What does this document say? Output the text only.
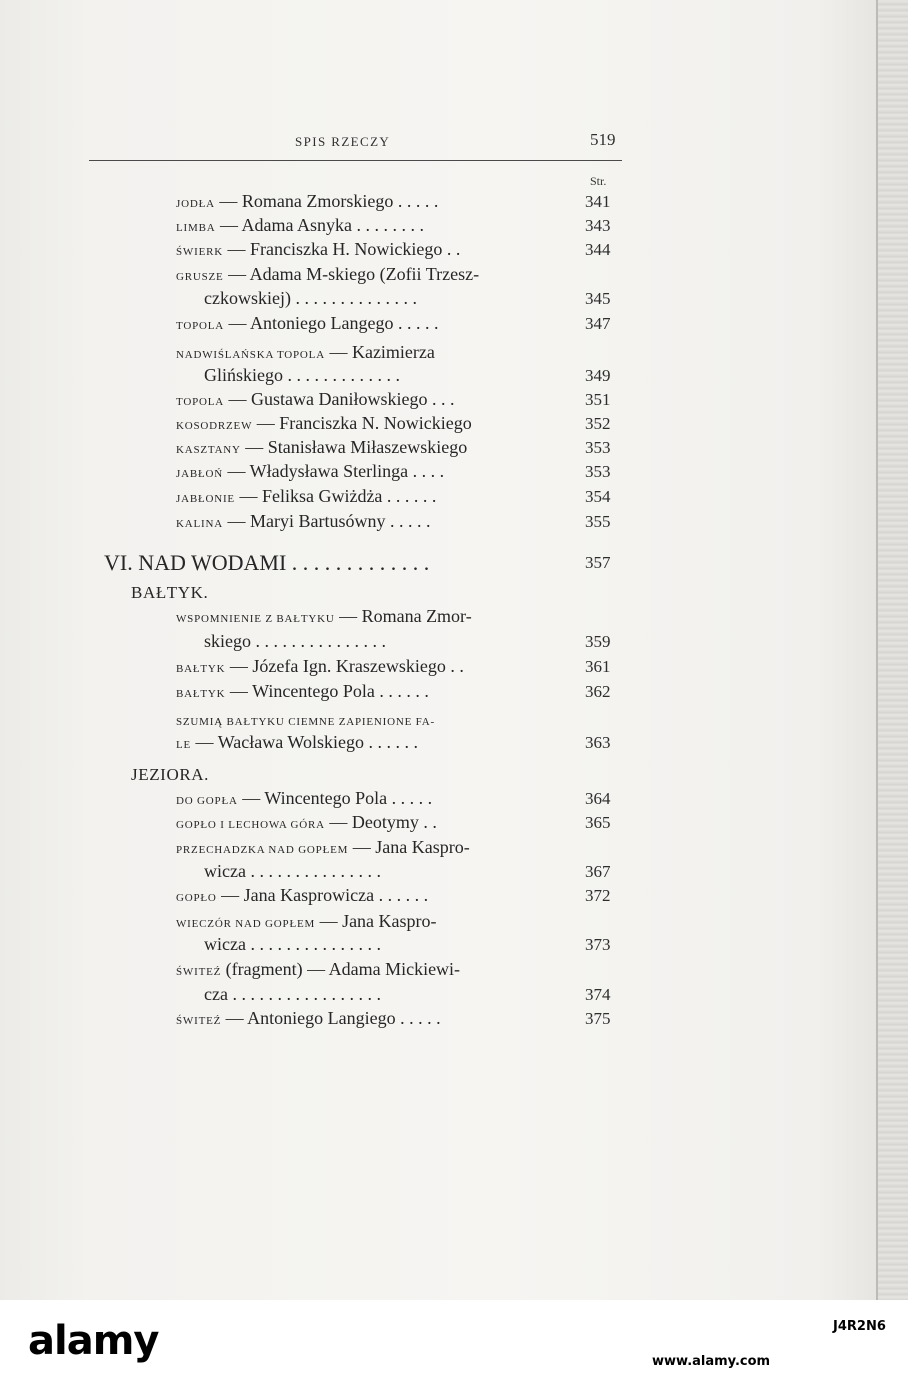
SPIS RZECZY	519
Str.
JODŁA — Romana Zmorskiego . . . . .	341
LIMBA — Adama Asnyka . . . . . . . .	343
ŚWIERK — Franciszka H. Nowickiego . .	344
GRUSZE — Adama M-skiego (Zofii Trzesz-
czkowskiej) . . . . . . . . . . . . . .	345
TOPOLA — Antoniego Langego . . . . .	347
NADWIŚLAŃSKA TOPOLA — Kazimierza
Glińskiego . . . . . . . . . . . . .	349
TOPOLA — Gustawa Daniłowskiego . . .	351
KOSODRZEW — Franciszka N. Nowickiego	352
KASZTANY — Stanisława Miłaszewskiego	353
JABŁOŃ — Władysława Sterlinga . . . .	353
JABŁONIE — Feliksa Gwiżdża . . . . . .	354
KALINA — Maryi Bartusówny . . . . .	355
VI. NAD WODAMI . . . . . . . . . . . . .	357
BAŁTYK.
WSPOMNIENIE Z BAŁTYKU — Romana Zmor-
skiego . . . . . . . . . . . . . . .	359
BAŁTYK — Józefa Ign. Kraszewskiego . .	361
BAŁTYK — Wincentego Pola . . . . . .	362
SZUMIĄ BAŁTYKU CIEMNE ZAPIENIONE FA-
LE — Wacława Wolskiego . . . . . .	363
JEZIORA.
DO GOPŁA — Wincentego Pola . . . . .	364
GOPŁO I LECHOWA GÓRA — Deotymy . .	365
PRZECHADZKA NAD GOPŁEM — Jana Kaspro-
wicza . . . . . . . . . . . . . . .	367
GOPŁO — Jana Kasprowicza . . . . . .	372
WIECZÓR NAD GOPŁEM — Jana Kaspro-
wicza . . . . . . . . . . . . . . .	373
ŚWITEŹ (fragment) — Adama Mickiewi-
cza . . . . . . . . . . . . . . . . .	374
ŚWITEŹ — Antoniego Langiego . . . . .	375
alamy	J4R2N6
www.alamy.com
